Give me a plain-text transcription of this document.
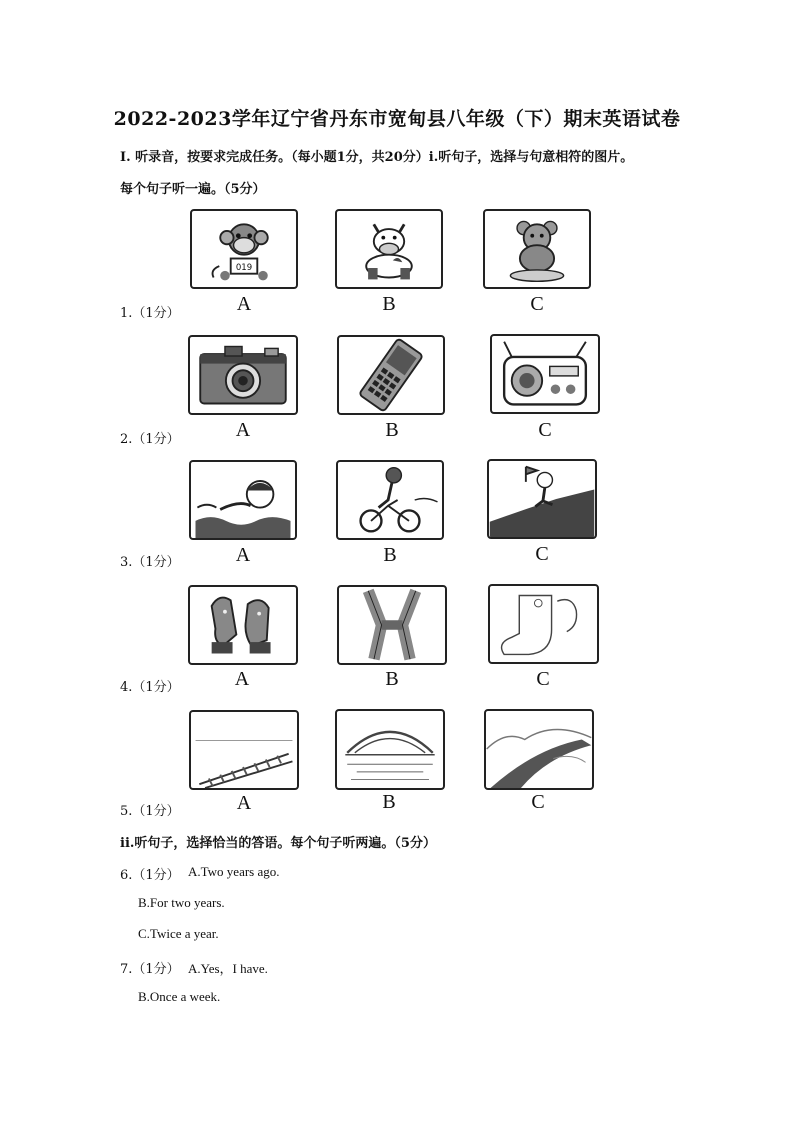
2022-2023学年辽宁省丹东市宽甸县八年级（下）期末英语试卷
Ⅰ. 听录音，按要求完成任务。（每小题1分，共20分）i.听句子，选择与句意相符的图片。
每个句子听一遍。（5分）
019
A	B	C
1.（1分）
A	B	C
2.（1分）
A	B	C
3.（1分）
A	B	C
4.（1分）
A	B	C
5.（1分）
ii.听句子，选择恰当的答语。每个句子听两遍。（5分）
6.（1分） A.Two years ago.
B.For two years.
C.Twice a year.
7.（1分） A.Yes，I have.
B.Once a week.
